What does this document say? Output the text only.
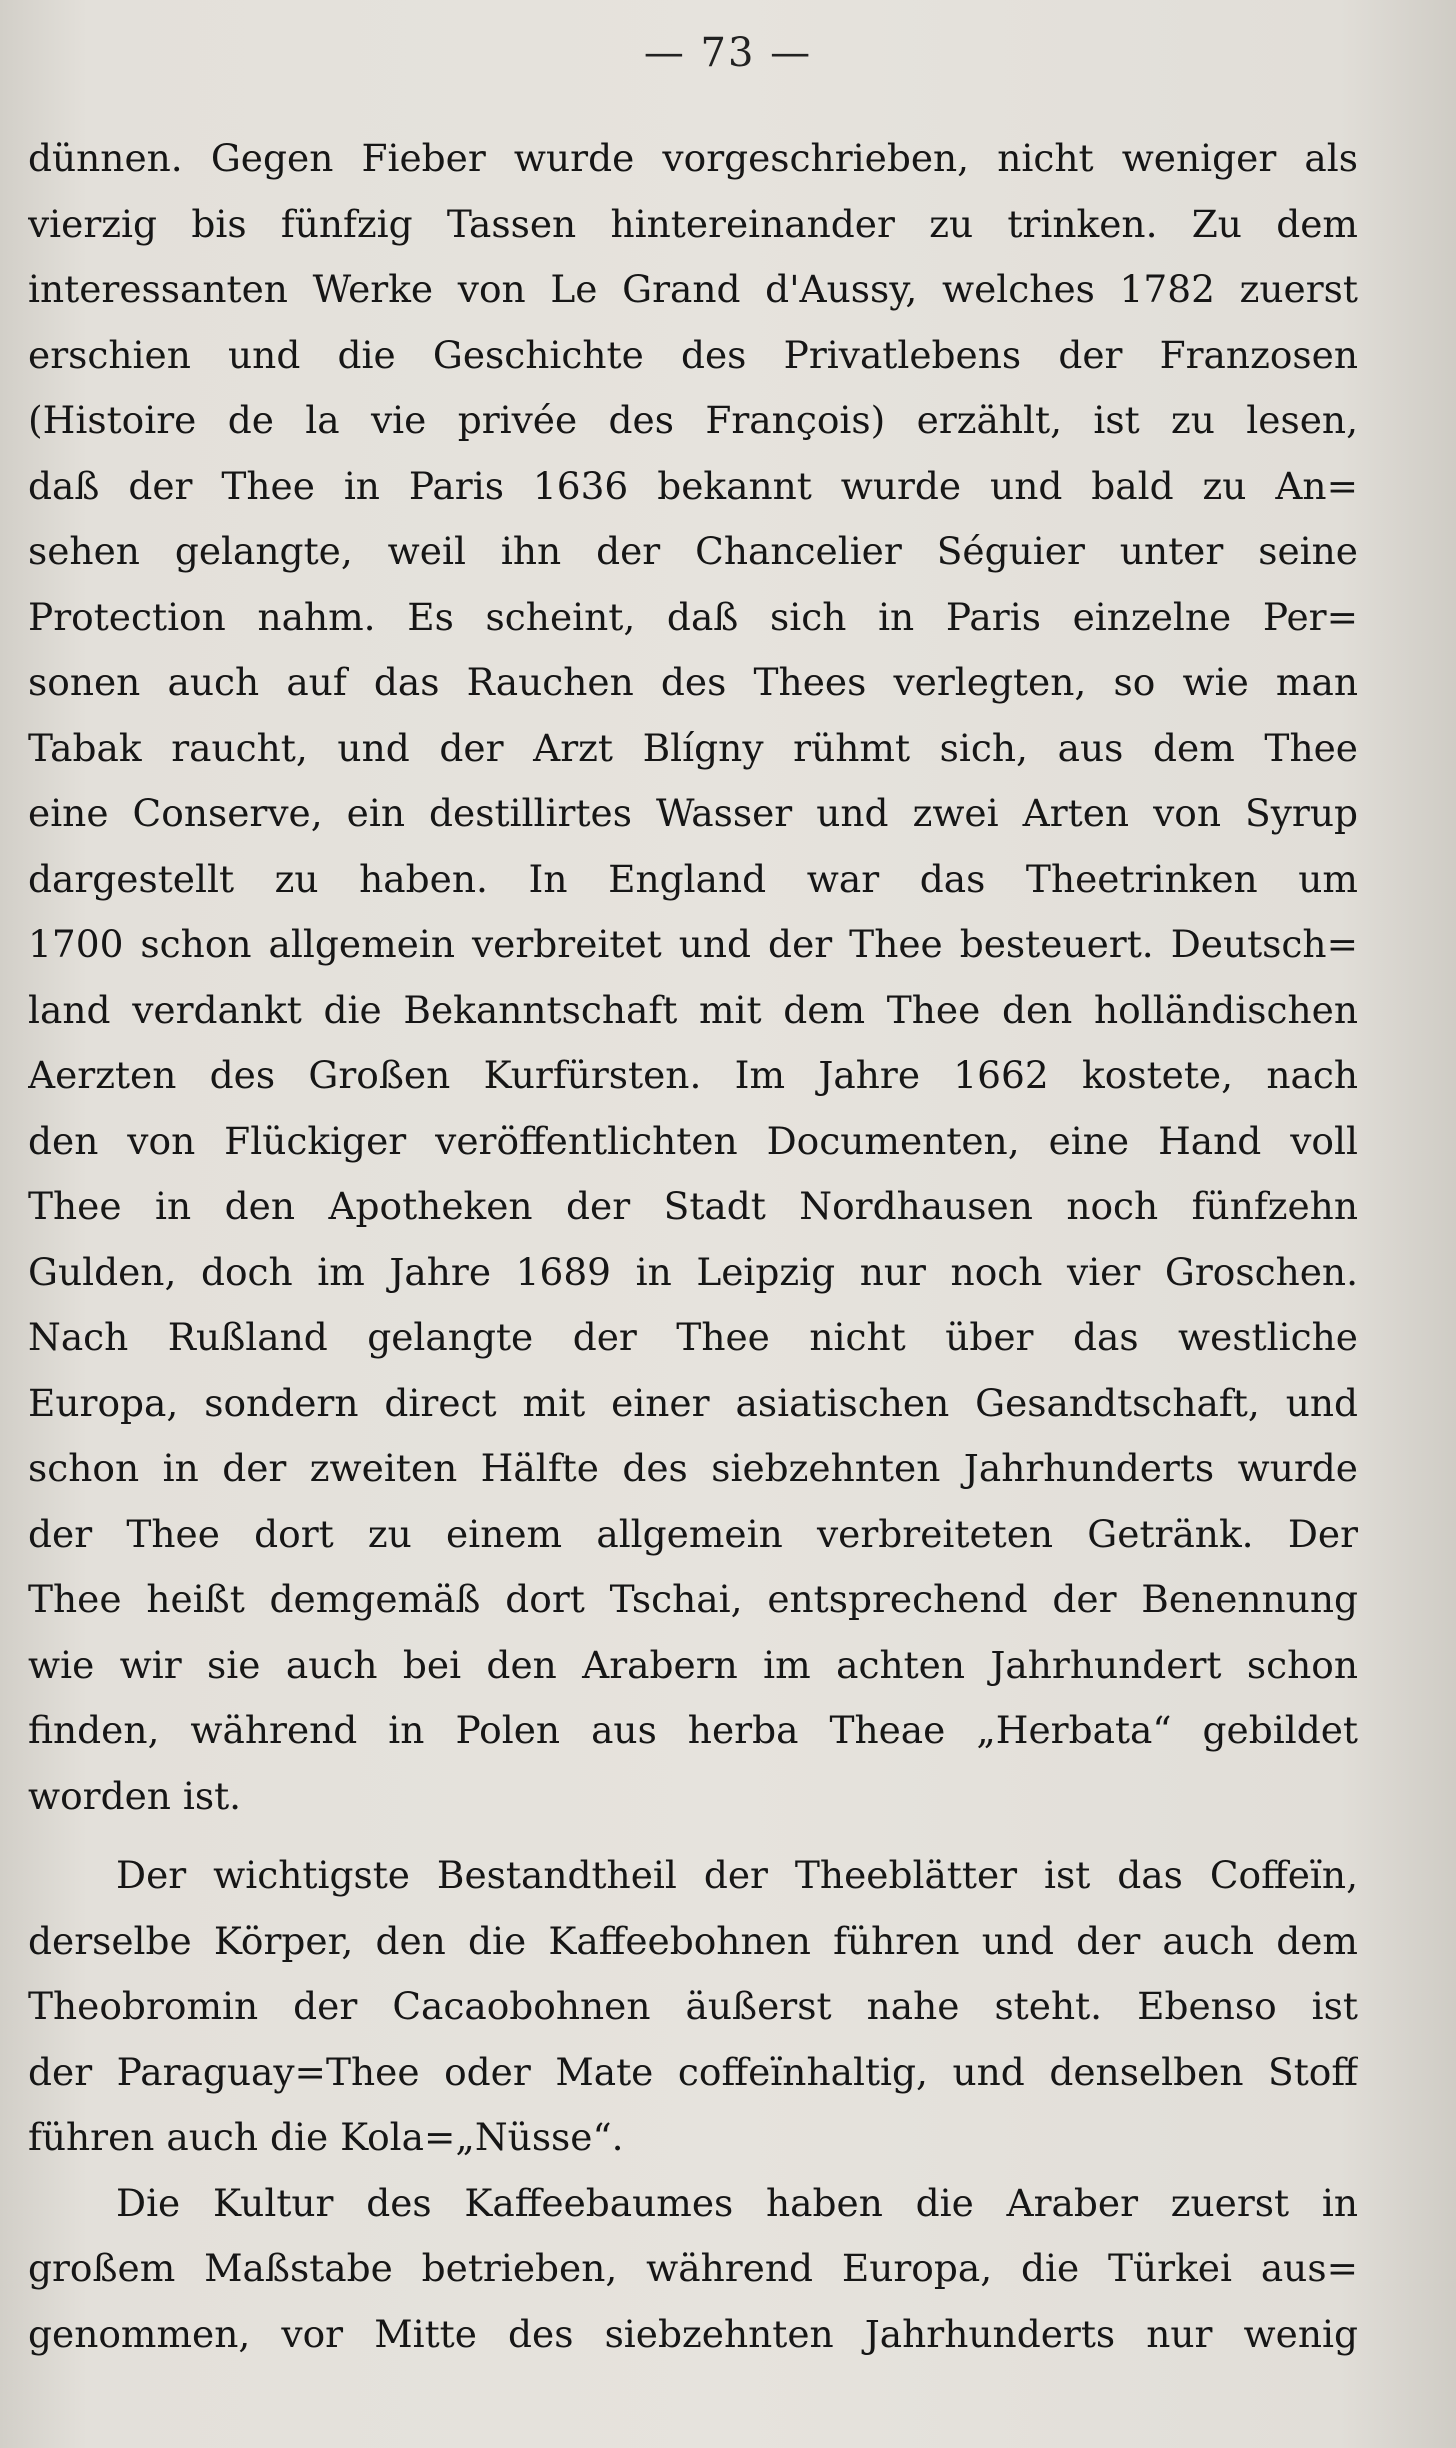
— 73 —
dünnen. Gegen Fieber wurde vorgeschrieben, nicht weniger als
vierzig bis fünfzig Tassen hintereinander zu trinken. Zu dem
interessanten Werke von Le Grand d'Aussy, welches 1782 zuerst
erschien und die Geschichte des Privatlebens der Franzosen
(Histoire de la vie privée des François) erzählt, ist zu lesen,
daß der Thee in Paris 1636 bekannt wurde und bald zu An=
sehen gelangte, weil ihn der Chancelier Séguier unter seine
Protection nahm. Es scheint, daß sich in Paris einzelne Per=
sonen auch auf das Rauchen des Thees verlegten, so wie man
Tabak raucht, und der Arzt Blígny rühmt sich, aus dem Thee
eine Conserve, ein destillirtes Wasser und zwei Arten von Syrup
dargestellt zu haben. In England war das Theetrinken um
1700 schon allgemein verbreitet und der Thee besteuert. Deutsch=
land verdankt die Bekanntschaft mit dem Thee den holländischen
Aerzten des Großen Kurfürsten. Im Jahre 1662 kostete, nach
den von Flückiger veröffentlichten Documenten, eine Hand voll
Thee in den Apotheken der Stadt Nordhausen noch fünfzehn
Gulden, doch im Jahre 1689 in Leipzig nur noch vier Groschen.
Nach Rußland gelangte der Thee nicht über das westliche
Europa, sondern direct mit einer asiatischen Gesandtschaft, und
schon in der zweiten Hälfte des siebzehnten Jahrhunderts wurde
der Thee dort zu einem allgemein verbreiteten Getränk. Der
Thee heißt demgemäß dort Tschai, entsprechend der Benennung
wie wir sie auch bei den Arabern im achten Jahrhundert schon
finden, während in Polen aus herba Theae „Herbata“ gebildet
worden ist.
Der wichtigste Bestandtheil der Theeblätter ist das Coffeïn,
derselbe Körper, den die Kaffeebohnen führen und der auch dem
Theobromin der Cacaobohnen äußerst nahe steht. Ebenso ist
der Paraguay=Thee oder Mate coffeïnhaltig, und denselben Stoff
führen auch die Kola=„Nüsse“.
Die Kultur des Kaffeebaumes haben die Araber zuerst in
großem Maßstabe betrieben, während Europa, die Türkei aus=
genommen, vor Mitte des siebzehnten Jahrhunderts nur wenig
